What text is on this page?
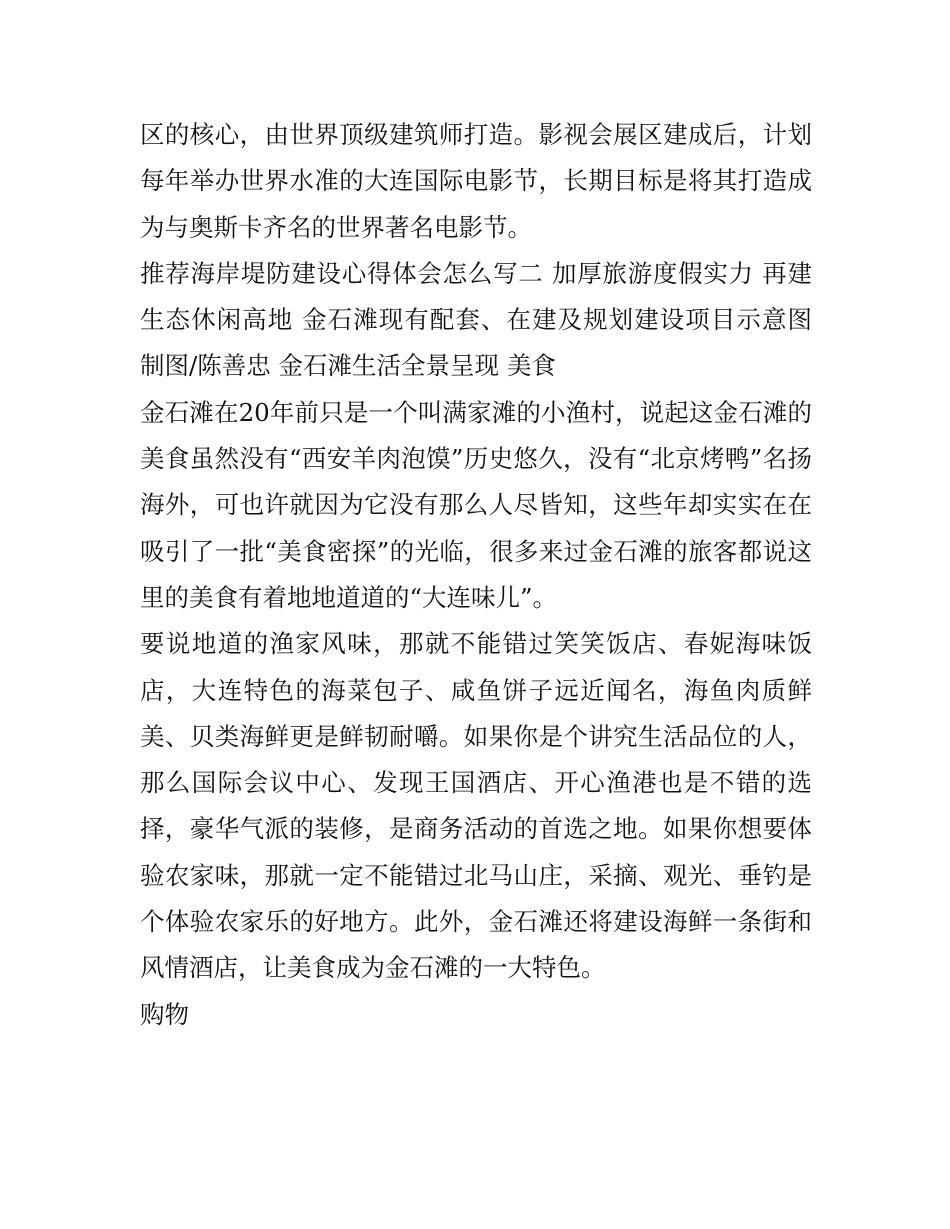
区的核心，由世界顶级建筑师打造。影视会展区建成后，计划每年举办世界水准的大连国际电影节，长期目标是将其打造成为与奥斯卡齐名的世界著名电影节。

推荐海岸堤防建设心得体会怎么写二 加厚旅游度假实力 再建生态休闲高地 金石滩现有配套、在建及规划建设项目示意图 制图/陈善忠 金石滩生活全景呈现 美食

金石滩在20年前只是一个叫满家滩的小渔村，说起这金石滩的美食虽然没有“西安羊肉泡馍”历史悠久，没有“北京烤鸭”名扬海外，可也许就因为它没有那么人尽皆知，这些年却实实在在吸引了一批“美食密探”的光临，很多来过金石滩的旅客都说这里的美食有着地地道道的“大连味儿”。

要说地道的渔家风味，那就不能错过笑笑饭店、春妮海味饭店，大连特色的海菜包子、咸鱼饼子远近闻名，海鱼肉质鲜美、贝类海鲜更是鲜韧耐嚼。如果你是个讲究生活品位的人，那么国际会议中心、发现王国酒店、开心渔港也是不错的选择，豪华气派的装修，是商务活动的首选之地。如果你想要体验农家味，那就一定不能错过北马山庄，采摘、观光、垂钓是个体验农家乐的好地方。此外，金石滩还将建设海鲜一条街和风情酒店，让美食成为金石滩的一大特色。

购物
